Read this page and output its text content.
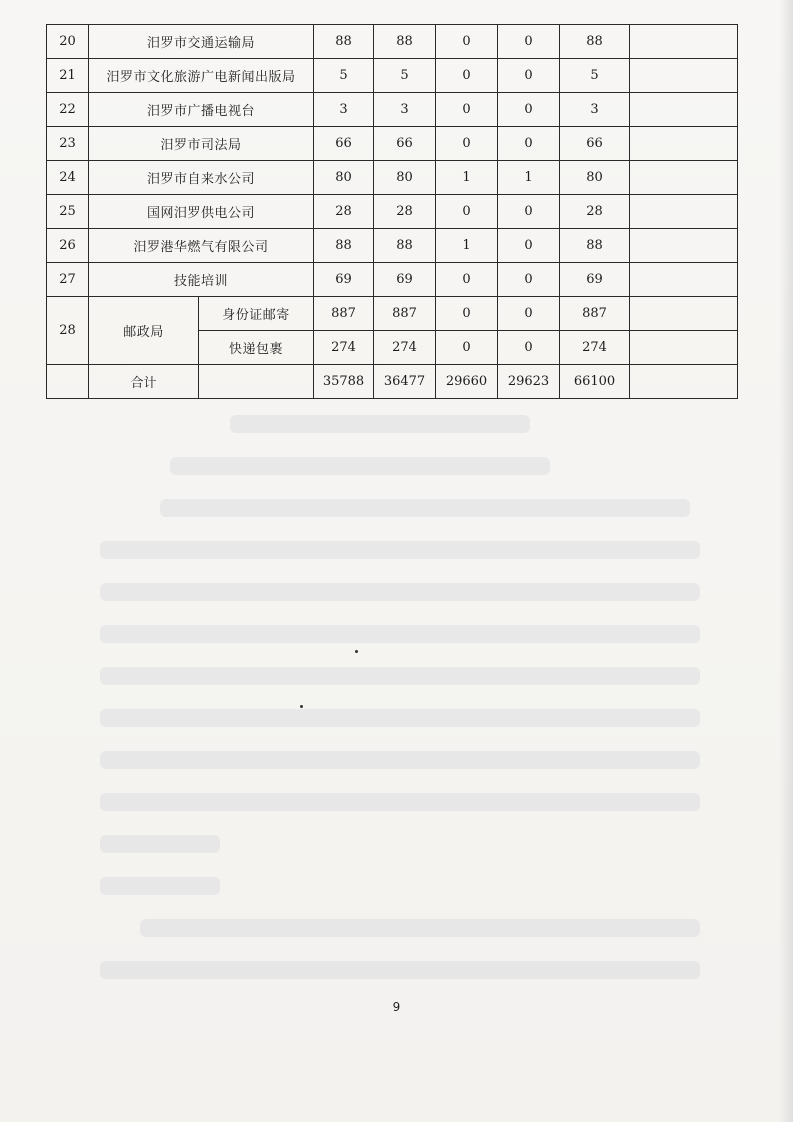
20	汨罗市交通运输局		88	88	0	0	88	
21	汨罗市文化旅游广电新闻出版局		5	5	0	0	5	
22	汨罗市广播电视台		3	3	0	0	3	
23	汨罗市司法局		66	66	0	0	66	
24	汨罗市自来水公司		80	80	1	1	80	
25	国网汨罗供电公司		28	28	0	0	28	
26	汨罗港华燃气有限公司		88	88	1	0	88	
27	技能培训		69	69	0	0	69	
28	邮政局	身份证邮寄	887	887	0	0	887	
		快递包裹	274	274	0	0	274	
	合计		35788	36477	29660	29623	66100	
9
